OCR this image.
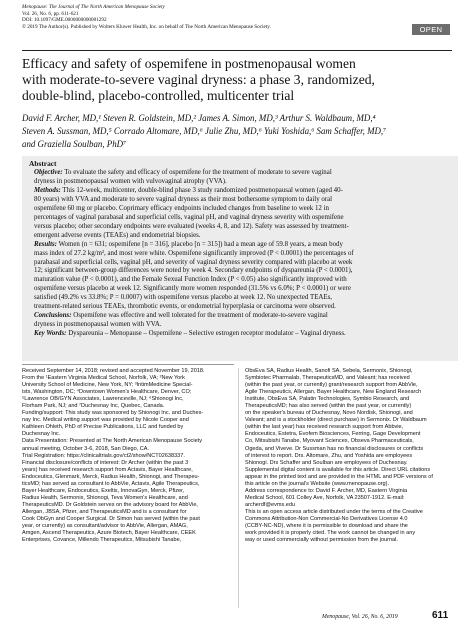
Menopause: The Journal of The North American Menopause Society
Vol. 26, No. 6, pp. 611-621
DOI: 10.1097/GME.0000000000001292
© 2019 The Author(s). Published by Wolters Kluwer Health, Inc. on behalf of The North American Menopause Society.	OPEN
Efficacy and safety of ospemifene in postmenopausal women
with moderate-to-severe vaginal dryness: a phase 3, randomized,
double-blind, placebo-controlled, multicenter trial
David F. Archer, MD,¹ Steven R. Goldstein, MD,² James A. Simon, MD,³ Arthur S. Waldbaum, MD,⁴
Steven A. Sussman, MD,⁵ Corrado Altomare, MD,⁶ Julie Zhu, MD,⁶ Yuki Yoshida,⁶ Sam Schaffer, MD,⁷
and Graziella Soulban, PhD⁷
Abstract
Objective: To evaluate the safety and efficacy of ospemifene for the treatment of moderate to severe vaginal
dryness in postmenopausal women with vulvovaginal atrophy (VVA).
Methods: This 12-week, multicenter, double-blind phase 3 study randomized postmenopausal women (aged 40-
80 years) with VVA and moderate to severe vaginal dryness as their most bothersome symptom to daily oral
ospemifene 60 mg or placebo. Coprimary efficacy endpoints included changes from baseline to week 12 in
percentages of vaginal parabasal and superficial cells, vaginal pH, and vaginal dryness severity with ospemifene
versus placebo; other secondary endpoints were evaluated (weeks 4, 8, and 12). Safety was assessed by treatment-
emergent adverse events (TEAEs) and endometrial biopsies.
Results: Women (n = 631; ospemifene [n = 316], placebo [n = 315]) had a mean age of 59.8 years, a mean body
mass index of 27.2 kg/m², and most were white. Ospemifene significantly improved (P < 0.0001) the percentages of
parabasal and superficial cells, vaginal pH, and severity of vaginal dryness severity compared with placebo at week
12; significant between-group differences were noted by week 4. Secondary endpoints of dyspareunia (P < 0.0001),
maturation value (P < 0.0001), and the Female Sexual Function Index (P < 0.05) also significantly improved with
ospemifene versus placebo at week 12. Significantly more women responded (31.5% vs 6.0%; P < 0.0001) or were
satisfied (49.2% vs 33.8%; P = 0.0007) with ospemifene versus placebo at week 12. No unexpected TEAEs,
treatment-related serious TEAEs, thrombotic events, or endometrial hyperplasia or carcinoma were observed.
Conclusions: Ospemifene was effective and well tolerated for the treatment of moderate-to-severe vaginal
dryness in postmenopausal women with VVA.
Key Words: Dyspareunia – Menopause – Ospemifene – Selective estrogen receptor modulator – Vaginal dryness.
Received September 14, 2018; revised and accepted November 19, 2018.
From the ¹Eastern Virginia Medical School, Norfolk, VA; ²New York
University School of Medicine, New York, NY; ³IntimMedicine Special-
ists, Washington, DC; ⁴Downtown Women's Healthcare, Denver, CO;
⁵Lawrence OB/GYN Associates, Lawrenceville, NJ; ⁶Shionogi Inc,
Florham Park, NJ; and ⁷Duchesnay Inc, Quebec, Canada.
Funding/support: This study was sponsored by Shionogi Inc. and Duches-
nay Inc. Medical writing support was provided by Nicole Cooper and
Kathleen Ohleth, PhD of Precise Publications, LLC and funded by
Duchesnay Inc.
Data Presentation: Presented at The North American Menopause Society
annual meeting, October 3-6, 2018, San Diego, CA.
Trial Registration: https://clinicaltrials.gov/ct2/show/NCT02638337.
Financial disclosure/conflicts of interest: Dr Archer (within the past 3
years) has received research support from Actavis, Bayer Healthcare,
Endoceutics, Glenmark, Merck, Radius Health, Shionogi, and Therapeu-
ticsMD; has served as consultant to AbbVie, Actavis, Agile Therapeutics,
Bayer Healthcare, Endoceutics, Exeltis, InnovaGyn, Merck, Pfizer,
Radius Health, Sermonix, Shionogi, Teva Women's Healthcare, and
TherapeuticsMD. Dr Goldstein serves on the advisory board for AbbVie,
Allergan, JBSA, Pfizer, and TherapeuticsMD and is a consultant for
Cook ObGyn and Cooper Surgical. Dr Simon has served (within the past
year, or currently) as consultant/advisor to AbbVie, Allergan, AMAG,
Amgen, Ascend Therapeutics, Azure Biotech, Bayer Healthcare, CEEK
Enterprises, Covance, Millendo Therapeutics, Mitsubishi Tanabe,
ObsEva SA, Radius Health, Sanofi SA, Sebela, Sermonix, Shionogi,
Symbiotec Pharmalab, TherapeuticsMD, and Valeant; has received
(within the past year, or currently) grant/research support from AbbVie,
Agile Therapeutics, Allergan, Bayer Healthcare, New England Research
Institute, ObsEva SA, Palatin Technologies, Symbio Research, and
TherapeuticsMD; has also served (within the past year, or currently)
on the speaker's bureau of Duchesnay, Novo Nordisk, Shionogi, and
Valeant; and is a stockholder (direct purchase) in Sermonix. Dr Waldbaum
(within the last year) has received research support from Abbvie,
Endoceutics, Estetra, Evofem Biosciences, Ferring, Gage Development
Co, Mitsubishi Tanabe, Myovant Sciences, Obseva Pharmaceuticals,
Ogeda, and Viveve. Dr Sussman has no financial disclosures or conflicts
of interest to report. Drs. Altomare, Zhu, and Yoshida are employees
Shionogi. Drs Schaffer and Soulban are employees of Duchesnay.
Supplemental digital content is available for this article. Direct URL citations
appear in the printed text and are provided in the HTML and PDF versions of
this article on the journal's Website (www.menopause.org).
Address correspondence to: David F. Archer, MD, Eastern Virginia
Medical School, 601 Colley Ave, Norfolk, VA 23507-1912. E-mail:
archerdf@evms.edu
This is an open access article distributed under the terms of the Creative
Commons Attribution-Non Commercial-No Derivatives License 4.0
(CCBY-NC-ND), where it is permissible to download and share the
work provided it is properly cited. The work cannot be changed in any
way or used commercially without permission from the journal.
Menopause, Vol. 26, No. 6, 2019	611
